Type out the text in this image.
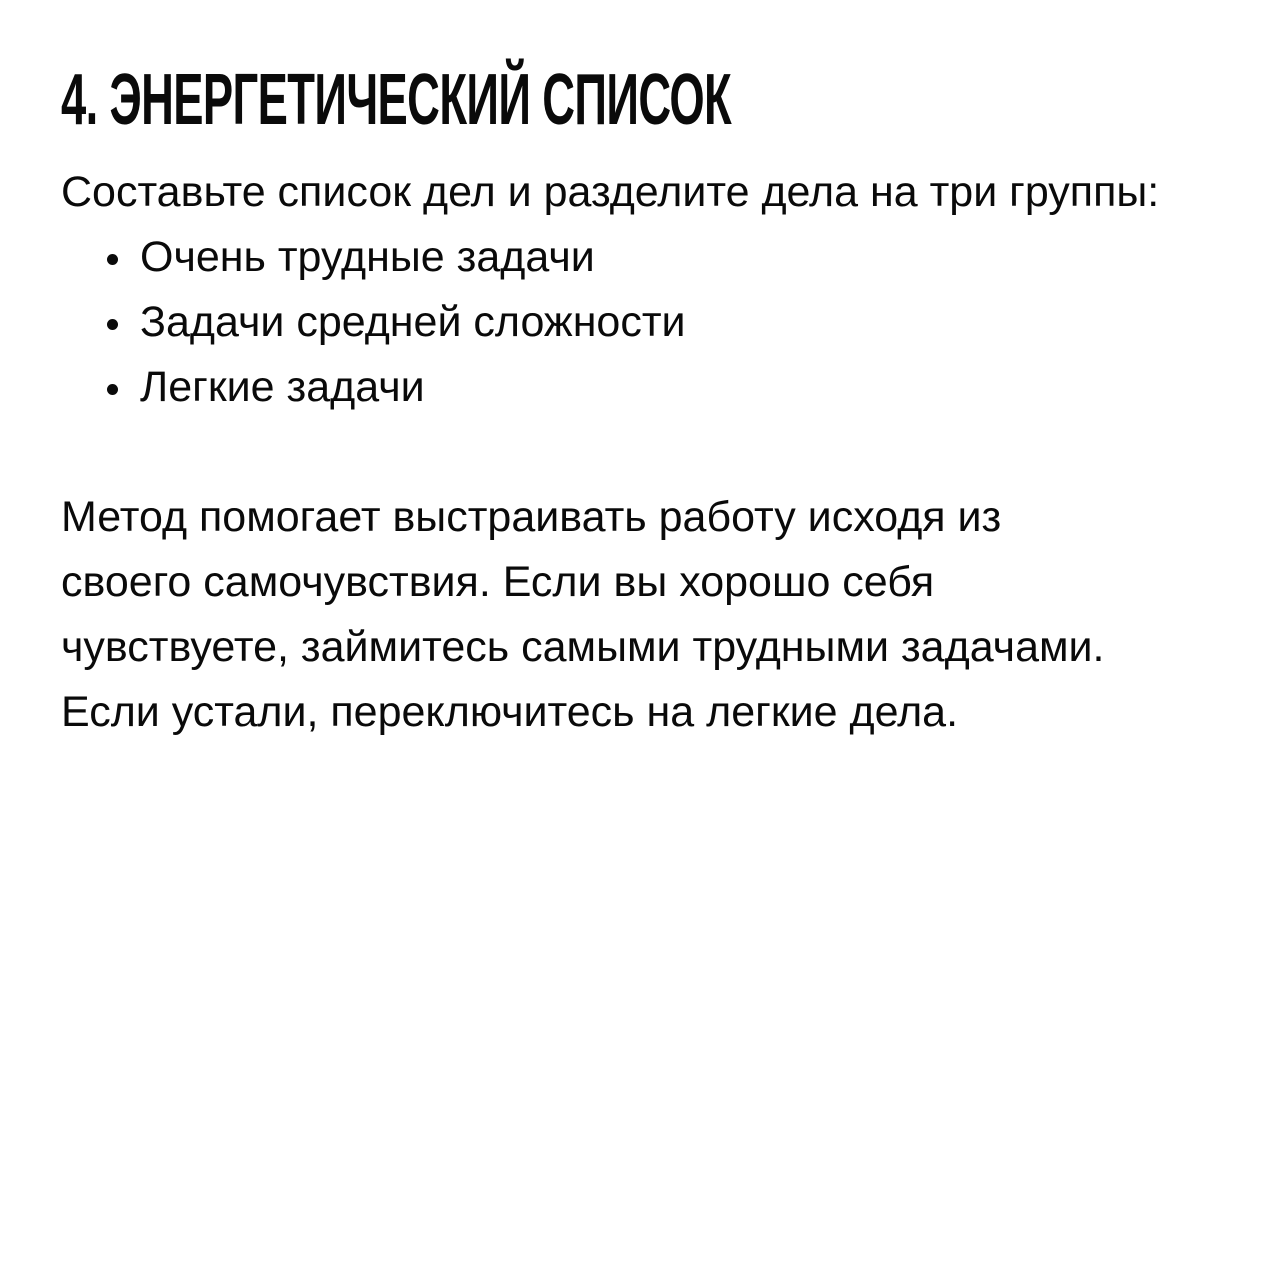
4. ЭНЕРГЕТИЧЕСКИЙ СПИСОК

Составьте список дел и разделите дела на три группы:

Очень трудные задачи
Задачи средней сложности
Легкие задачи
Метод помогает выстраивать работу исходя из
своего самочувствия. Если вы хорошо себя
чувствуете, займитесь самыми трудными задачами.
Если устали, переключитесь на легкие дела.
